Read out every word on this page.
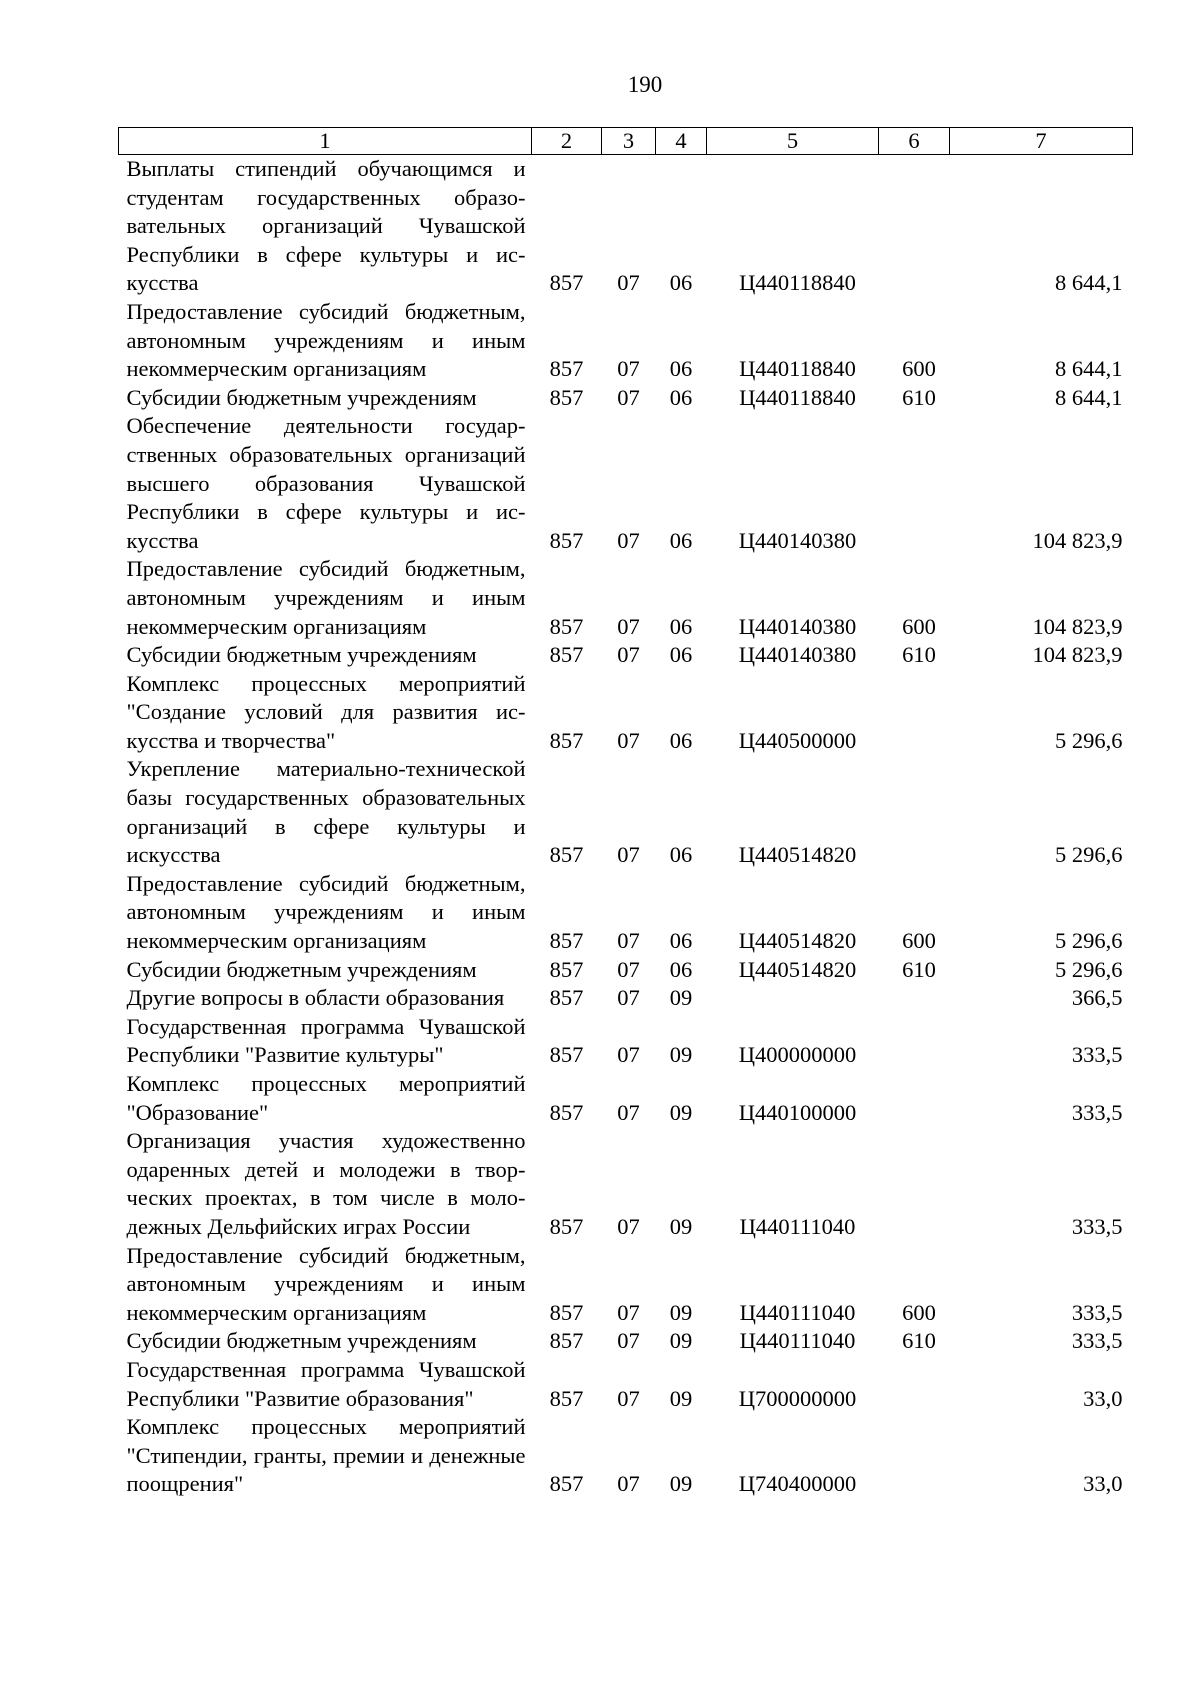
190
1	2	3	4	5	6	7
Выплаты стипендий обучающимся и студентам государственных образовательных организаций Чувашской Республики в сфере культуры и искусства	857	07	06	Ц440118840		8 644,1
Предоставление субсидий бюджетным, автономным учреждениям и иным некоммерческим организациям	857	07	06	Ц440118840	600	8 644,1
Субсидии бюджетным учреждениям	857	07	06	Ц440118840	610	8 644,1
Обеспечение деятельности государственных образовательных организаций высшего образования Чувашской Республики в сфере культуры и искусства	857	07	06	Ц440140380		104 823,9
Предоставление субсидий бюджетным, автономным учреждениям и иным некоммерческим организациям	857	07	06	Ц440140380	600	104 823,9
Субсидии бюджетным учреждениям	857	07	06	Ц440140380	610	104 823,9
Комплекс процессных мероприятий "Создание условий для развития искусства и творчества"	857	07	06	Ц440500000		5 296,6
Укрепление материально-технической базы государственных образовательных организаций в сфере культуры и искусства	857	07	06	Ц440514820		5 296,6
Предоставление субсидий бюджетным, автономным учреждениям и иным некоммерческим организациям	857	07	06	Ц440514820	600	5 296,6
Субсидии бюджетным учреждениям	857	07	06	Ц440514820	610	5 296,6
Другие вопросы в области образования	857	07	09			366,5
Государственная программа Чувашской Республики "Развитие культуры"	857	07	09	Ц400000000		333,5
Комплекс процессных мероприятий "Образование"	857	07	09	Ц440100000		333,5
Организация участия художественно одаренных детей и молодежи в творческих проектах, в том числе в молодежных Дельфийских играх России	857	07	09	Ц440111040		333,5
Предоставление субсидий бюджетным, автономным учреждениям и иным некоммерческим организациям	857	07	09	Ц440111040	600	333,5
Субсидии бюджетным учреждениям	857	07	09	Ц440111040	610	333,5
Государственная программа Чувашской Республики "Развитие образования"	857	07	09	Ц700000000		33,0
Комплекс процессных мероприятий "Стипендии, гранты, премии и денежные поощрения"	857	07	09	Ц740400000		33,0
